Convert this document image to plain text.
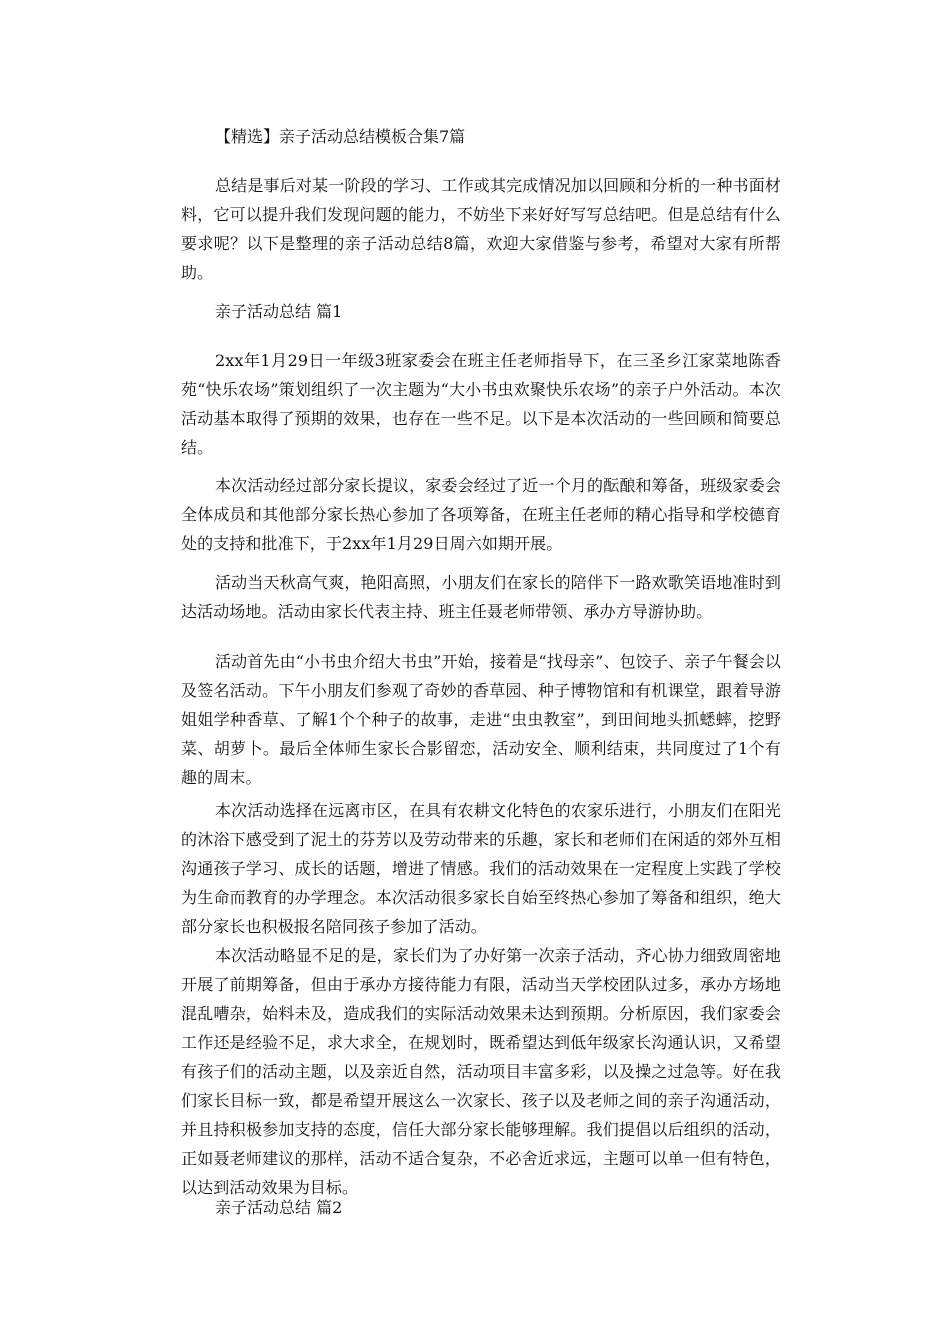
【精选】亲子活动总结模板合集7篇

总结是事后对某一阶段的学习、工作或其完成情况加以回顾和分析的一种书面材料，它可以提升我们发现问题的能力，不妨坐下来好好写写总结吧。但是总结有什么要求呢？以下是整理的亲子活动总结8篇，欢迎大家借鉴与参考，希望对大家有所帮助。

亲子活动总结 篇1

2xx年1月29日一年级3班家委会在班主任老师指导下，在三圣乡江家菜地陈香苑“快乐农场”策划组织了一次主题为“大小书虫欢聚快乐农场”的亲子户外活动。本次活动基本取得了预期的效果，也存在一些不足。以下是本次活动的一些回顾和简要总结。

本次活动经过部分家长提议，家委会经过了近一个月的酝酿和筹备，班级家委会全体成员和其他部分家长热心参加了各项筹备，在班主任老师的精心指导和学校德育处的支持和批准下，于2xx年1月29日周六如期开展。

活动当天秋高气爽，艳阳高照，小朋友们在家长的陪伴下一路欢歌笑语地准时到达活动场地。活动由家长代表主持、班主任聂老师带领、承办方导游协助。

活动首先由“小书虫介绍大书虫”开始，接着是“找母亲”、包饺子、亲子午餐会以及签名活动。下午小朋友们参观了奇妙的香草园、种子博物馆和有机课堂，跟着导游姐姐学种香草、了解1个个种子的故事，走进“虫虫教室”，到田间地头抓蟋蟀，挖野菜、胡萝卜。最后全体师生家长合影留恋，活动安全、顺利结束，共同度过了1个有趣的周末。

本次活动选择在远离市区，在具有农耕文化特色的农家乐进行，小朋友们在阳光的沐浴下感受到了泥土的芬芳以及劳动带来的乐趣，家长和老师们在闲适的郊外互相沟通孩子学习、成长的话题，增进了情感。我们的活动效果在一定程度上实践了学校为生命而教育的办学理念。本次活动很多家长自始至终热心参加了筹备和组织，绝大部分家长也积极报名陪同孩子参加了活动。

本次活动略显不足的是，家长们为了办好第一次亲子活动，齐心协力细致周密地开展了前期筹备，但由于承办方接待能力有限，活动当天学校团队过多，承办方场地混乱嘈杂，始料未及，造成我们的实际活动效果未达到预期。分析原因，我们家委会工作还是经验不足，求大求全，在规划时，既希望达到低年级家长沟通认识，又希望有孩子们的活动主题，以及亲近自然，活动项目丰富多彩，以及操之过急等。好在我们家长目标一致，都是希望开展这么一次家长、孩子以及老师之间的亲子沟通活动，并且持积极参加支持的态度，信任大部分家长能够理解。我们提倡以后组织的活动，正如聂老师建议的那样，活动不适合复杂，不必舍近求远，主题可以单一但有特色，以达到活动效果为目标。

亲子活动总结 篇2
